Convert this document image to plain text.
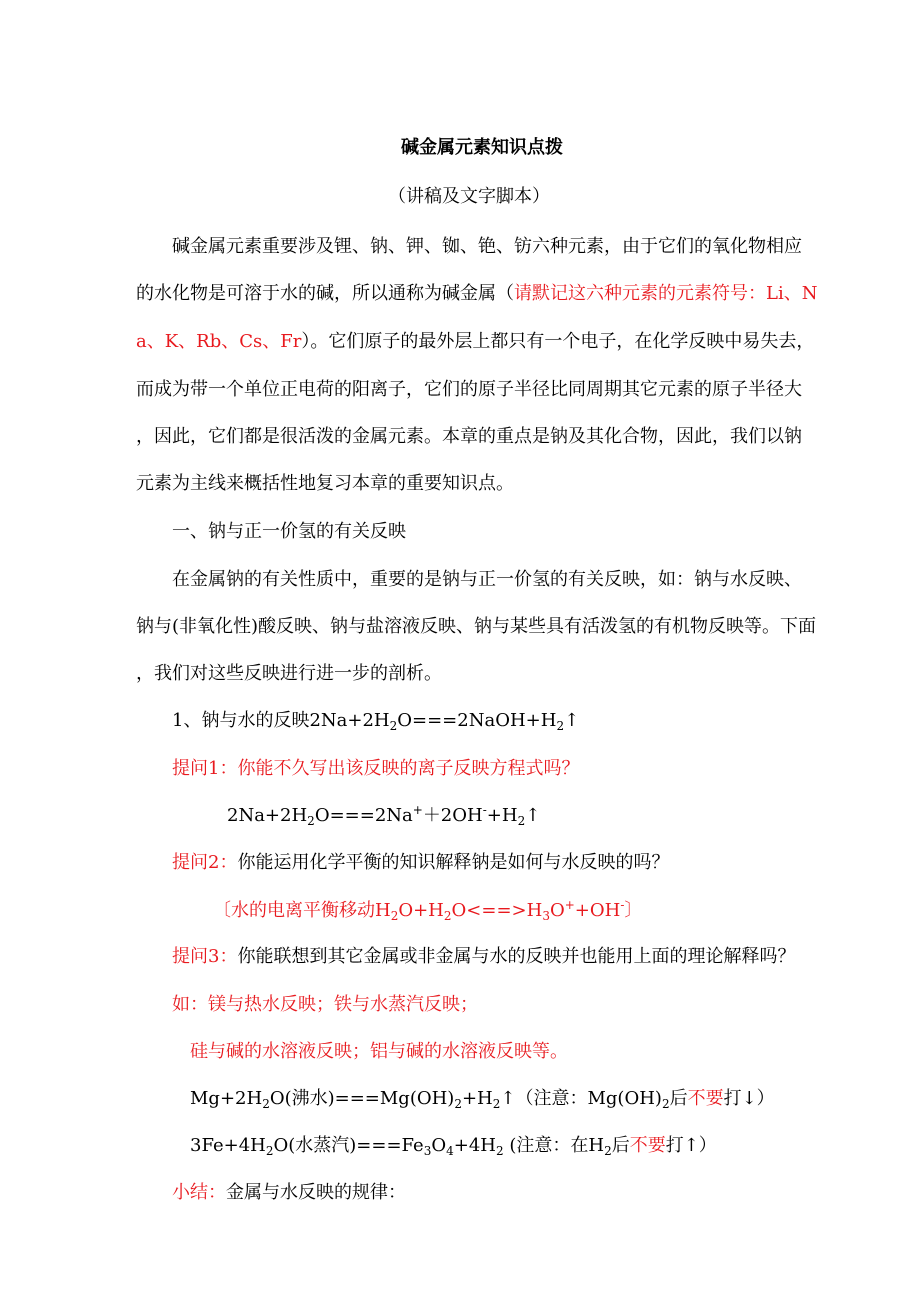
碱金属元素知识点拨
（讲稿及文字脚本）
碱金属元素重要涉及锂、钠、钾、铷、铯、钫六种元素，由于它们的氧化物相应
的水化物是可溶于水的碱，所以通称为碱金属（请默记这六种元素的元素符号：Li、N
a、K、Rb、Cs、Fr）。它们原子的最外层上都只有一个电子，在化学反映中易失去，
而成为带一个单位正电荷的阳离子，它们的原子半径比同周期其它元素的原子半径大
，因此，它们都是很活泼的金属元素。本章的重点是钠及其化合物，因此，我们以钠
元素为主线来概括性地复习本章的重要知识点。
一、钠与正一价氢的有关反映
在金属钠的有关性质中，重要的是钠与正一价氢的有关反映，如：钠与水反映、
钠与(非氧化性)酸反映、钠与盐溶液反映、钠与某些具有活泼氢的有机物反映等。下面
，我们对这些反映进行进一步的剖析。
1、钠与水的反映$2Na+2H_2O===2NaOH+H_2↑$
提问1：你能不久写出该反映的离子反映方程式吗？
$2Na+2H_2O===2Na^++2OH^-+H_2↑$
提问2：你能运用化学平衡的知识解释钠是如何与水反映的吗？
〔水的电离平衡移动$H_2O+H_2O<==>H_3O^++OH^-$〕
提问3：你能联想到其它金属或非金属与水的反映并也能用上面的理论解释吗？
如：镁与热水反映；铁与水蒸汽反映；
硅与碱的水溶液反映；铝与碱的水溶液反映等。
$Mg+2H_2O$(沸水)$===Mg(OH)_2+H_2↑$（注意：$Mg(OH)_2$后不要打↓）
$3Fe+4H_2O$(水蒸汽)$===Fe_3O_4+4H_2$ (注意：在$H_2$后不要打↑）
小结：金属与水反映的规律：
